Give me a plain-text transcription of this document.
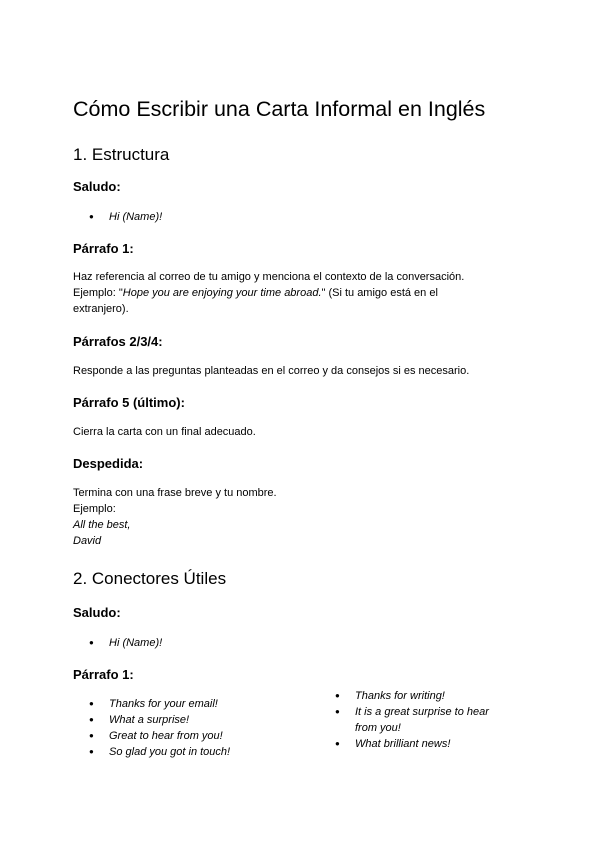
Cómo Escribir una Carta Informal en Inglés
1. Estructura
Saludo:
● Hi (Name)!
Párrafo 1:
Haz referencia al correo de tu amigo y menciona el contexto de la conversación.
Ejemplo: "Hope you are enjoying your time abroad." (Si tu amigo está en el
extranjero).
Párrafos 2/3/4:
Responde a las preguntas planteadas en el correo y da consejos si es necesario.
Párrafo 5 (último):
Cierra la carta con un final adecuado.
Despedida:
Termina con una frase breve y tu nombre.
Ejemplo:
All the best,
David
2. Conectores Útiles
Saludo:
● Hi (Name)!
Párrafo 1:
● Thanks for your email!
● What a surprise!
● Great to hear from you!
● So glad you got in touch!
● Thanks for writing!
● It is a great surprise to hear
from you!
● What brilliant news!
